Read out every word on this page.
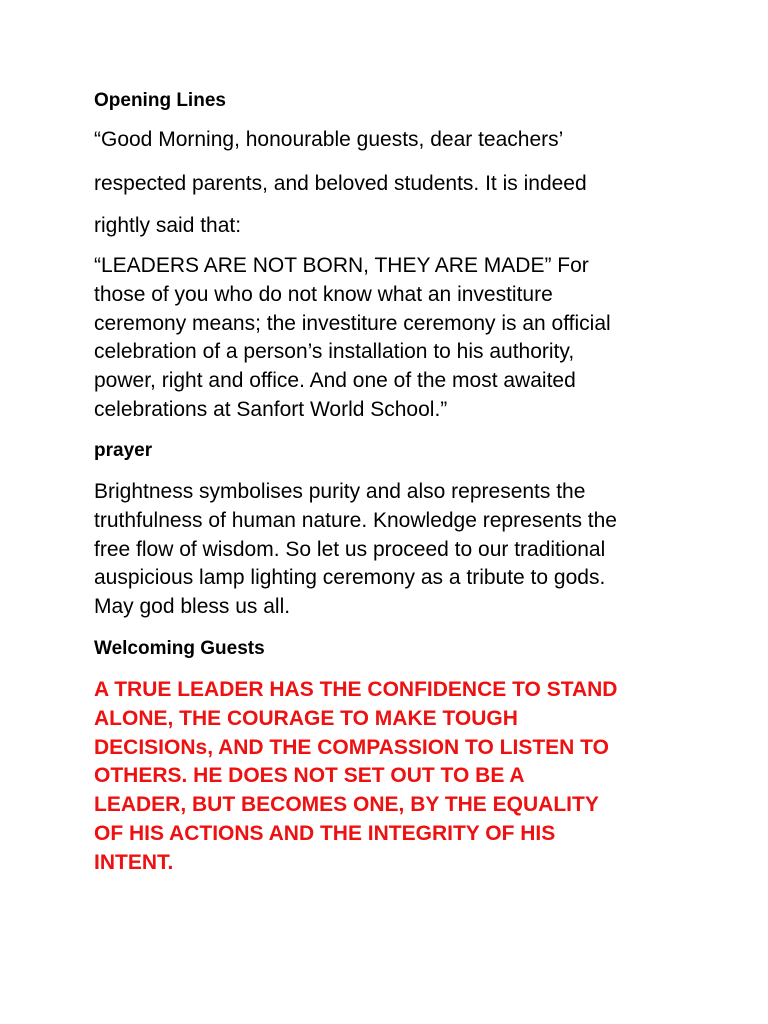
Opening Lines

“Good Morning, honourable guests, dear teachers’

respected parents, and beloved students. It is indeed

rightly said that:

“LEADERS ARE NOT BORN, THEY ARE MADE” For
those of you who do not know what an investiture
ceremony means; the investiture ceremony is an official
celebration of a person’s installation to his authority,
power, right and office. And one of the most awaited
celebrations at Sanfort World School.”
prayer
Brightness symbolises purity and also represents the
truthfulness of human nature. Knowledge represents the
free flow of wisdom. So let us proceed to our traditional
auspicious lamp lighting ceremony as a tribute to gods.
May god bless us all.
Welcoming Guests
A TRUE LEADER HAS THE CONFIDENCE TO STAND
ALONE, THE COURAGE TO MAKE TOUGH
DECISIONs, AND THE COMPASSION TO LISTEN TO
OTHERS. HE DOES NOT SET OUT TO BE A
LEADER, BUT BECOMES ONE, BY THE EQUALITY
OF HIS ACTIONS AND THE INTEGRITY OF HIS
INTENT.
